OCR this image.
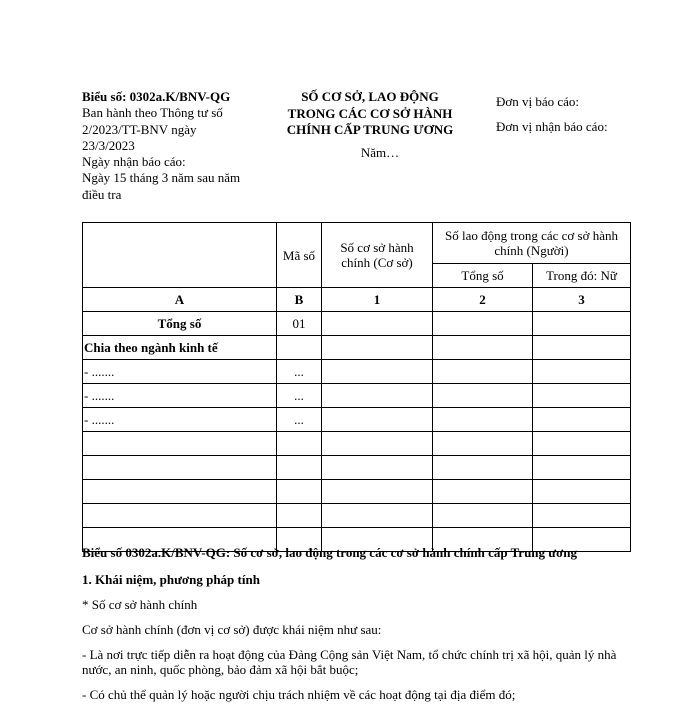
Biểu số: 0302a.K/BNV-QG
Ban hành theo Thông tư số
2/2023/TT-BNV ngày
23/3/2023
Ngày nhận báo cáo:
Ngày 15 tháng 3 năm sau năm
điều tra
SỐ CƠ SỞ, LAO ĐỘNG
TRONG CÁC CƠ SỞ HÀNH
CHÍNH CẤP TRUNG ƯƠNG
Năm…
Đơn vị báo cáo:
Đơn vị nhận báo cáo:
	Mã số	Số cơ sở hành chính (Cơ sở)	Số lao động trong các cơ sở hành chính (Người)	
			Tổng số	Trong đó: Nữ
A	B	1	2	3
Tổng số	01			
Chia theo ngành kinh tế				
- .......	...			
- .......	...			
- .......	...			

Biểu số 0302a.K/BNV-QG: Số cơ sở, lao động trong các cơ sở hành chính cấp Trung ương

1. Khái niệm, phương pháp tính

* Số cơ sở hành chính

Cơ sở hành chính (đơn vị cơ sở) được khái niệm như sau:

- Là nơi trực tiếp diễn ra hoạt động của Đảng Cộng sản Việt Nam, tổ chức chính trị xã hội, quản lý nhà nước, an ninh, quốc phòng, bảo đảm xã hội bắt buộc;

- Có chủ thể quản lý hoặc người chịu trách nhiệm về các hoạt động tại địa điểm đó;
